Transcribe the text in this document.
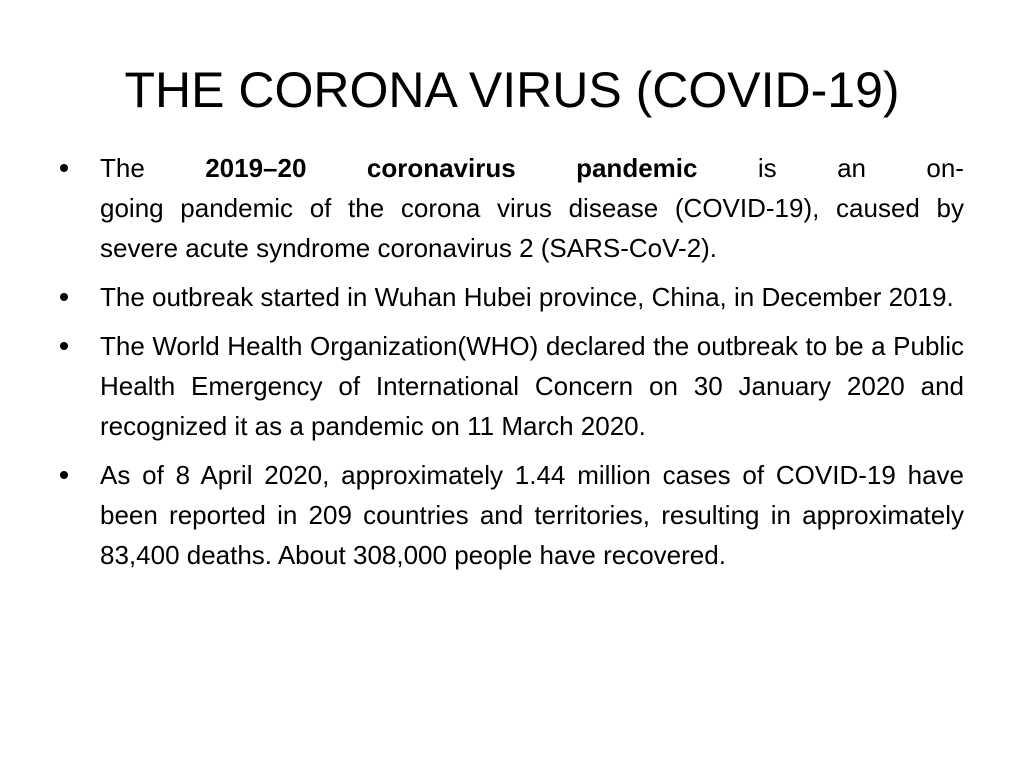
THE CORONA VIRUS (COVID-19)
The 2019–20 coronavirus pandemic is an on-
going pandemic of the corona virus disease (COVID-19), caused by severe acute syndrome coronavirus 2 (SARS-CoV-2).
The outbreak started in Wuhan Hubei province, China, in December 2019.
The World Health Organization(WHO) declared the outbreak to be a Public Health Emergency of International Concern on 30 January 2020 and recognized it as a pandemic on 11 March 2020.
As of 8 April 2020, approximately 1.44 million cases of COVID-19 have been reported in 209 countries and territories, resulting in approximately 83,400 deaths. About 308,000 people have recovered.
